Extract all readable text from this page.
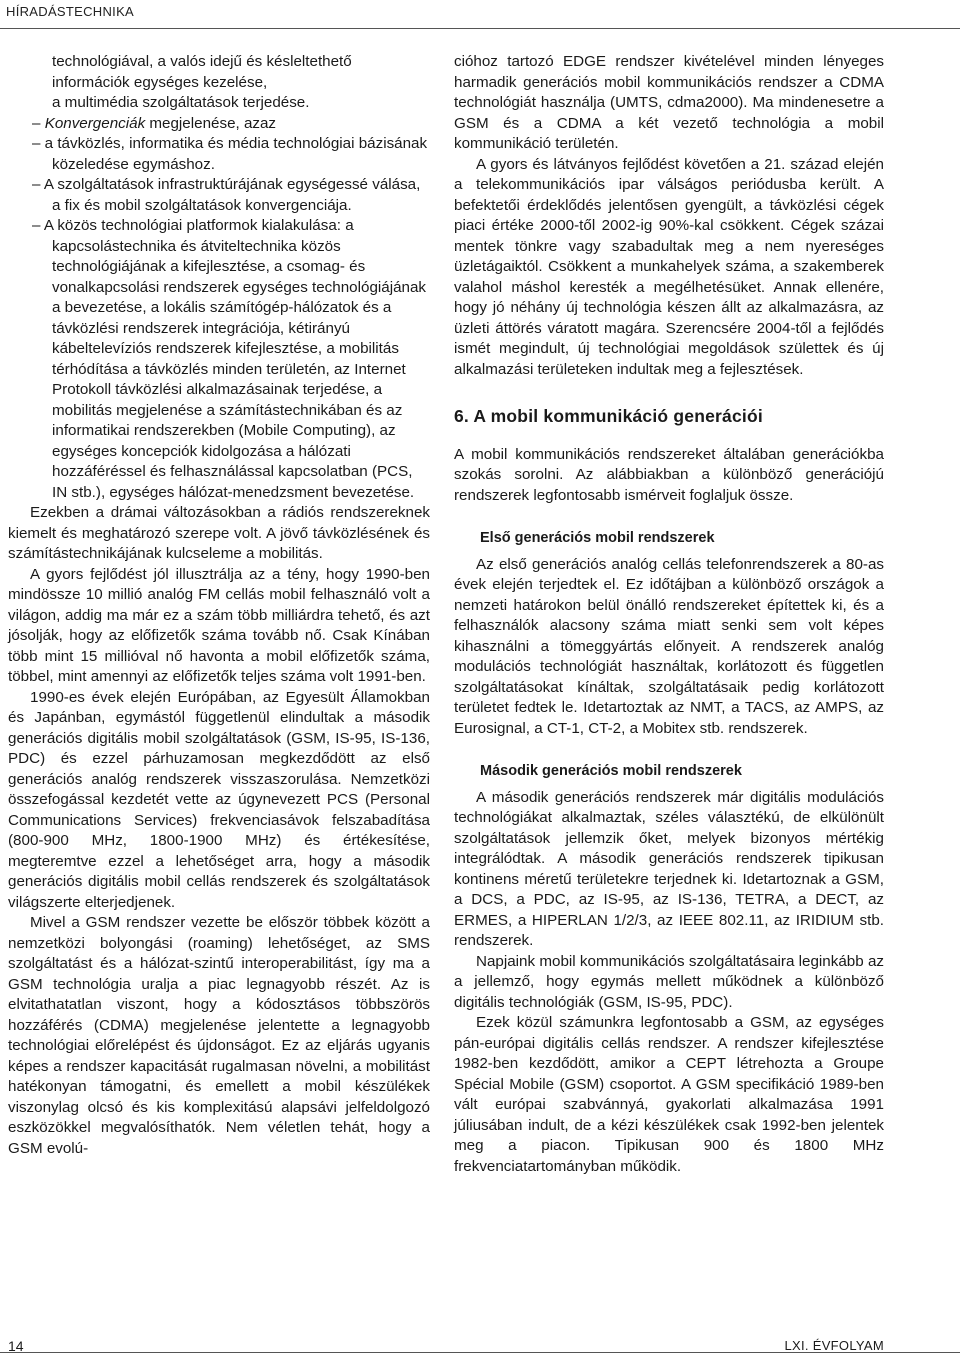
HÍRADÁSTECHNIKA

technológiával, a valós idejű és késleltethető

információk egységes kezelése,

a multimédia szolgáltatások terjedése.

– Konvergenciák megjelenése, azaz

– a távközlés, informatika és média technológiai bázisának közeledése egymáshoz.

– A szolgáltatások infrastruktúrájának egységessé válása, a fix és mobil szolgáltatások konvergenciája.

– A közös technológiai platformok kialakulása: a kapcsolástechnika és átviteltechnika közös technológiájának a kifejlesztése, a csomag- és vonalkapcsolási rendszerek egységes technológiájának a bevezetése, a lokális számítógép-hálózatok és a távközlési rendszerek integrációja, kétirányú kábeltelevíziós rendszerek kifejlesztése, a mobilitás térhódítása a távközlés minden területén, az Internet Protokoll távközlési alkalmazásainak terjedése, a mobilitás megjelenése a számítástechnikában és az informatikai rendszerekben (Mobile Computing), az egységes koncepciók kidolgozása a hálózati hozzáféréssel és felhasználással kapcsolatban (PCS, IN stb.), egységes hálózat-menedzsment bevezetése.

Ezekben a drámai változásokban a rádiós rendszereknek kiemelt és meghatározó szerepe volt. A jövő távközlésének és számítástechnikájának kulcseleme a mobilitás.

A gyors fejlődést jól illusztrálja az a tény, hogy 1990-ben mindössze 10 millió analóg FM cellás mobil felhasználó volt a világon, addig ma már ez a szám több milliárdra tehető, és azt jósolják, hogy az előfizetők száma tovább nő. Csak Kínában több mint 15 millióval nő havonta a mobil előfizetők száma, többel, mint amennyi az előfizetők teljes száma volt 1991-ben.

1990-es évek elején Európában, az Egyesült Államokban és Japánban, egymástól függetlenül elindultak a második generációs digitális mobil szolgáltatások (GSM, IS-95, IS-136, PDC) és ezzel párhuzamosan megkezdődött az első generációs analóg rendszerek visszaszorulása. Nemzetközi összefogással kezdetét vette az úgynevezett PCS (Personal Communications Services) frekvenciasávok felszabadítása (800-900 MHz, 1800-1900 MHz) és értékesítése, megteremtve ezzel a lehetőséget arra, hogy a második generációs digitális mobil cellás rendszerek és szolgáltatások világszerte elterjedjenek.

Mivel a GSM rendszer vezette be először többek között a nemzetközi bolyongási (roaming) lehetőséget, az SMS szolgáltatást és a hálózat-szintű interoperabilitást, így ma a GSM technológia uralja a piac legnagyobb részét. Az is elvitathatatlan viszont, hogy a kódosztásos többszörös hozzáférés (CDMA) megjelenése jelentette a legnagyobb technológiai előrelépést és újdonságot. Ez az eljárás ugyanis képes a rendszer kapacitását rugalmasan növelni, a mobilitást hatékonyan támogatni, és emellett a mobil készülékek viszonylag olcsó és kis komplexitású alapsávi jelfeldolgozó eszközökkel megvalósíthatók. Nem véletlen tehát, hogy a GSM evolú-

cióhoz tartozó EDGE rendszer kivételével minden lényeges harmadik generációs mobil kommunikációs rendszer a CDMA technológiát használja (UMTS, cdma2000). Ma mindenesetre a GSM és a CDMA a két vezető technológia a mobil kommunikáció területén.

A gyors és látványos fejlődést követően a 21. század elején a telekommunikációs ipar válságos periódusba került. A befektetői érdeklődés jelentősen gyengült, a távközlési cégek piaci értéke 2000-től 2002-ig 90%-kal csökkent. Cégek százai mentek tönkre vagy szabadultak meg a nem nyereséges üzletágaiktól. Csökkent a munkahelyek száma, a szakemberek valahol máshol keresték a megélhetésüket. Annak ellenére, hogy jó néhány új technológia készen állt az alkalmazásra, az üzleti áttörés váratott magára. Szerencsére 2004-től a fejlődés ismét megindult, új technológiai megoldások születtek és új alkalmazási területeken indultak meg a fejlesztések.

6. A mobil kommunikáció generációi

A mobil kommunikációs rendszereket általában generációkba szokás sorolni. Az alábbiakban a különböző generációjú rendszerek legfontosabb ismérveit foglaljuk össze.

Első generációs mobil rendszerek

Az első generációs analóg cellás telefonrendszerek a 80-as évek elején terjedtek el. Ez időtájban a különböző országok a nemzeti határokon belül önálló rendszereket építettek ki, és a felhasználók alacsony száma miatt senki sem volt képes kihasználni a tömeggyártás előnyeit. A rendszerek analóg modulációs technológiát használtak, korlátozott és független szolgáltatásokat kínáltak, szolgáltatásaik pedig korlátozott területet fedtek le. Idetartoztak az NMT, a TACS, az AMPS, az Eurosignal, a CT-1, CT-2, a Mobitex stb. rendszerek.

Második generációs mobil rendszerek

A második generációs rendszerek már digitális modulációs technológiákat alkalmaztak, széles választékú, de elkülönült szolgáltatások jellemzik őket, melyek bizonyos mértékig integrálódtak. A második generációs rendszerek tipikusan kontinens méretű területekre terjednek ki. Idetartoznak a GSM, a DCS, a PDC, az IS-95, az IS-136, TETRA, a DECT, az ERMES, a HIPERLAN 1/2/3, az IEEE 802.11, az IRIDIUM stb. rendszerek.

Napjaink mobil kommunikációs szolgáltatásaira leginkább az a jellemző, hogy egymás mellett működnek a különböző digitális technológiák (GSM, IS-95, PDC).

Ezek közül számunkra legfontosabb a GSM, az egységes pán-európai digitális cellás rendszer. A rendszer kifejlesztése 1982-ben kezdődött, amikor a CEPT létrehozta a Groupe Spécial Mobile (GSM) csoportot. A GSM specifikáció 1989-ben vált európai szabvánnyá, gyakorlati alkalmazása 1991 júliusában indult, de a kézi készülékek csak 1992-ben jelentek meg a piacon. Tipikusan 900 és 1800 MHz frekvenciatartományban működik.

14	LXI. ÉVFOLYAM
